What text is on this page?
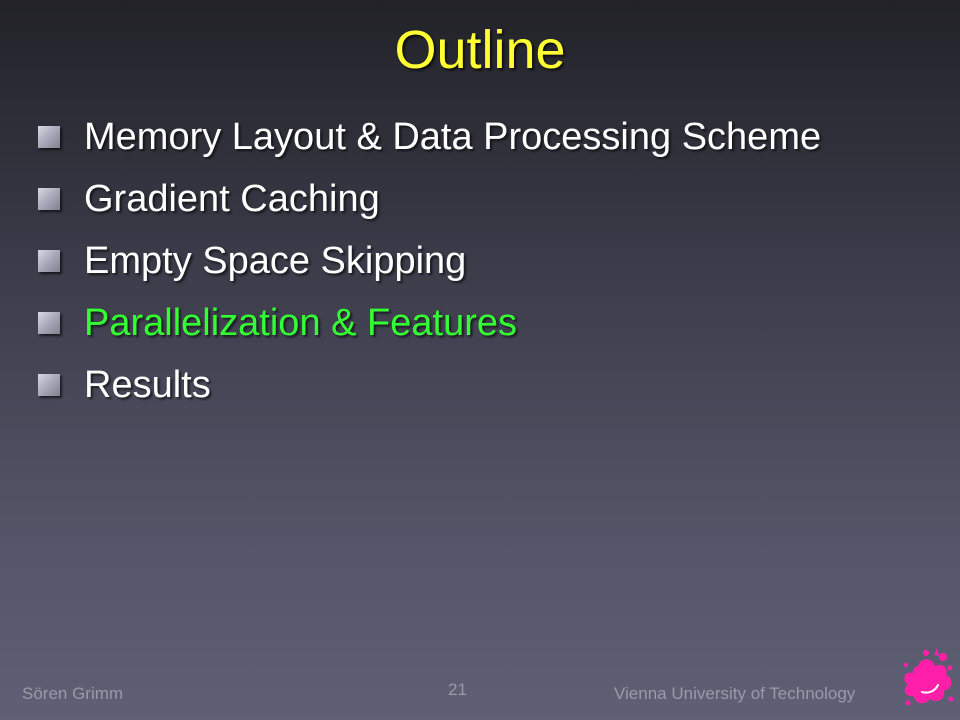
Outline
Memory Layout & Data Processing Scheme
Gradient Caching
Empty Space Skipping
Parallelization & Features
Results
Sören Grimm	21	Vienna University of Technology
